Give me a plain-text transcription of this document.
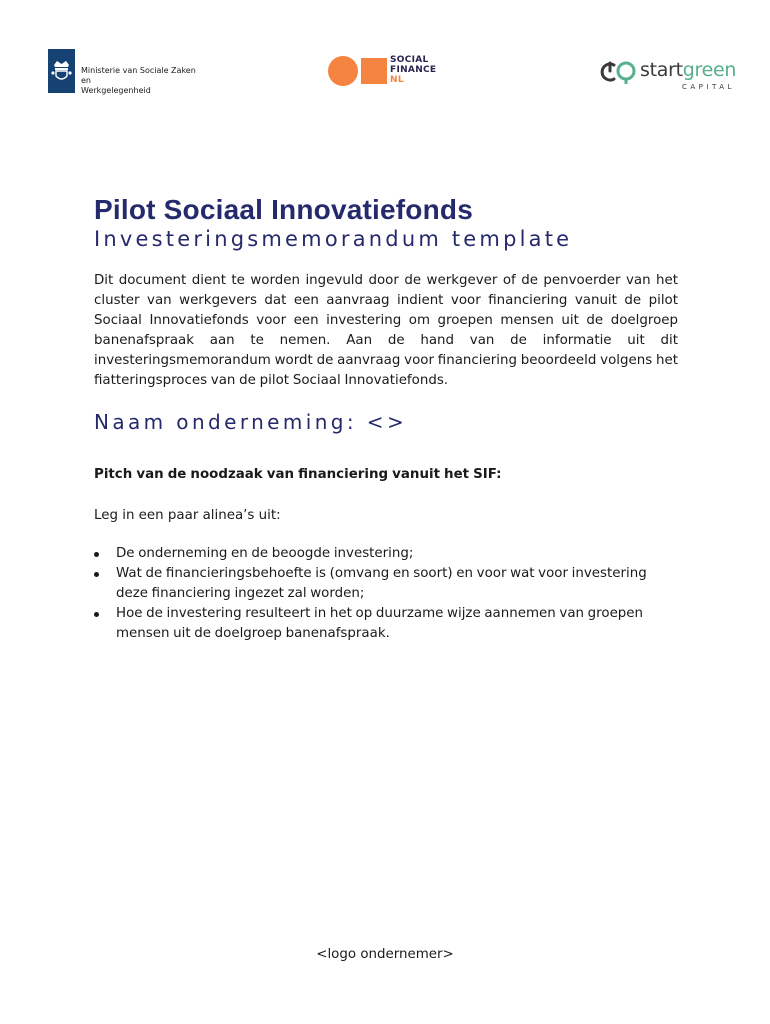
Ministerie van Sociale Zaken en
Werkgelegenheid
SOCIAL
FINANCE
NL	startgreen
CAPITAL
Pilot Sociaal Innovatiefonds
Investeringsmemorandum template

Dit document dient te worden ingevuld door de werkgever of de penvoerder van het cluster van werkgevers dat een aanvraag indient voor financiering vanuit de pilot Sociaal Innovatiefonds voor een investering om groepen mensen uit de doelgroep banenafspraak aan te nemen. Aan de hand van de informatie uit dit investeringsmemorandum wordt de aanvraag voor financiering beoordeeld volgens het fiatteringsproces van de pilot Sociaal Innovatiefonds.

Naam onderneming: <>

Pitch van de noodzaak van financiering vanuit het SIF:

Leg in een paar alinea’s uit:

De onderneming en de beoogde investering;
Wat de financieringsbehoefte is (omvang en soort) en voor wat voor investering deze financiering ingezet zal worden;
Hoe de investering resulteert in het op duurzame wijze aannemen van groepen mensen uit de doelgroep banenafspraak.

<logo ondernemer>
